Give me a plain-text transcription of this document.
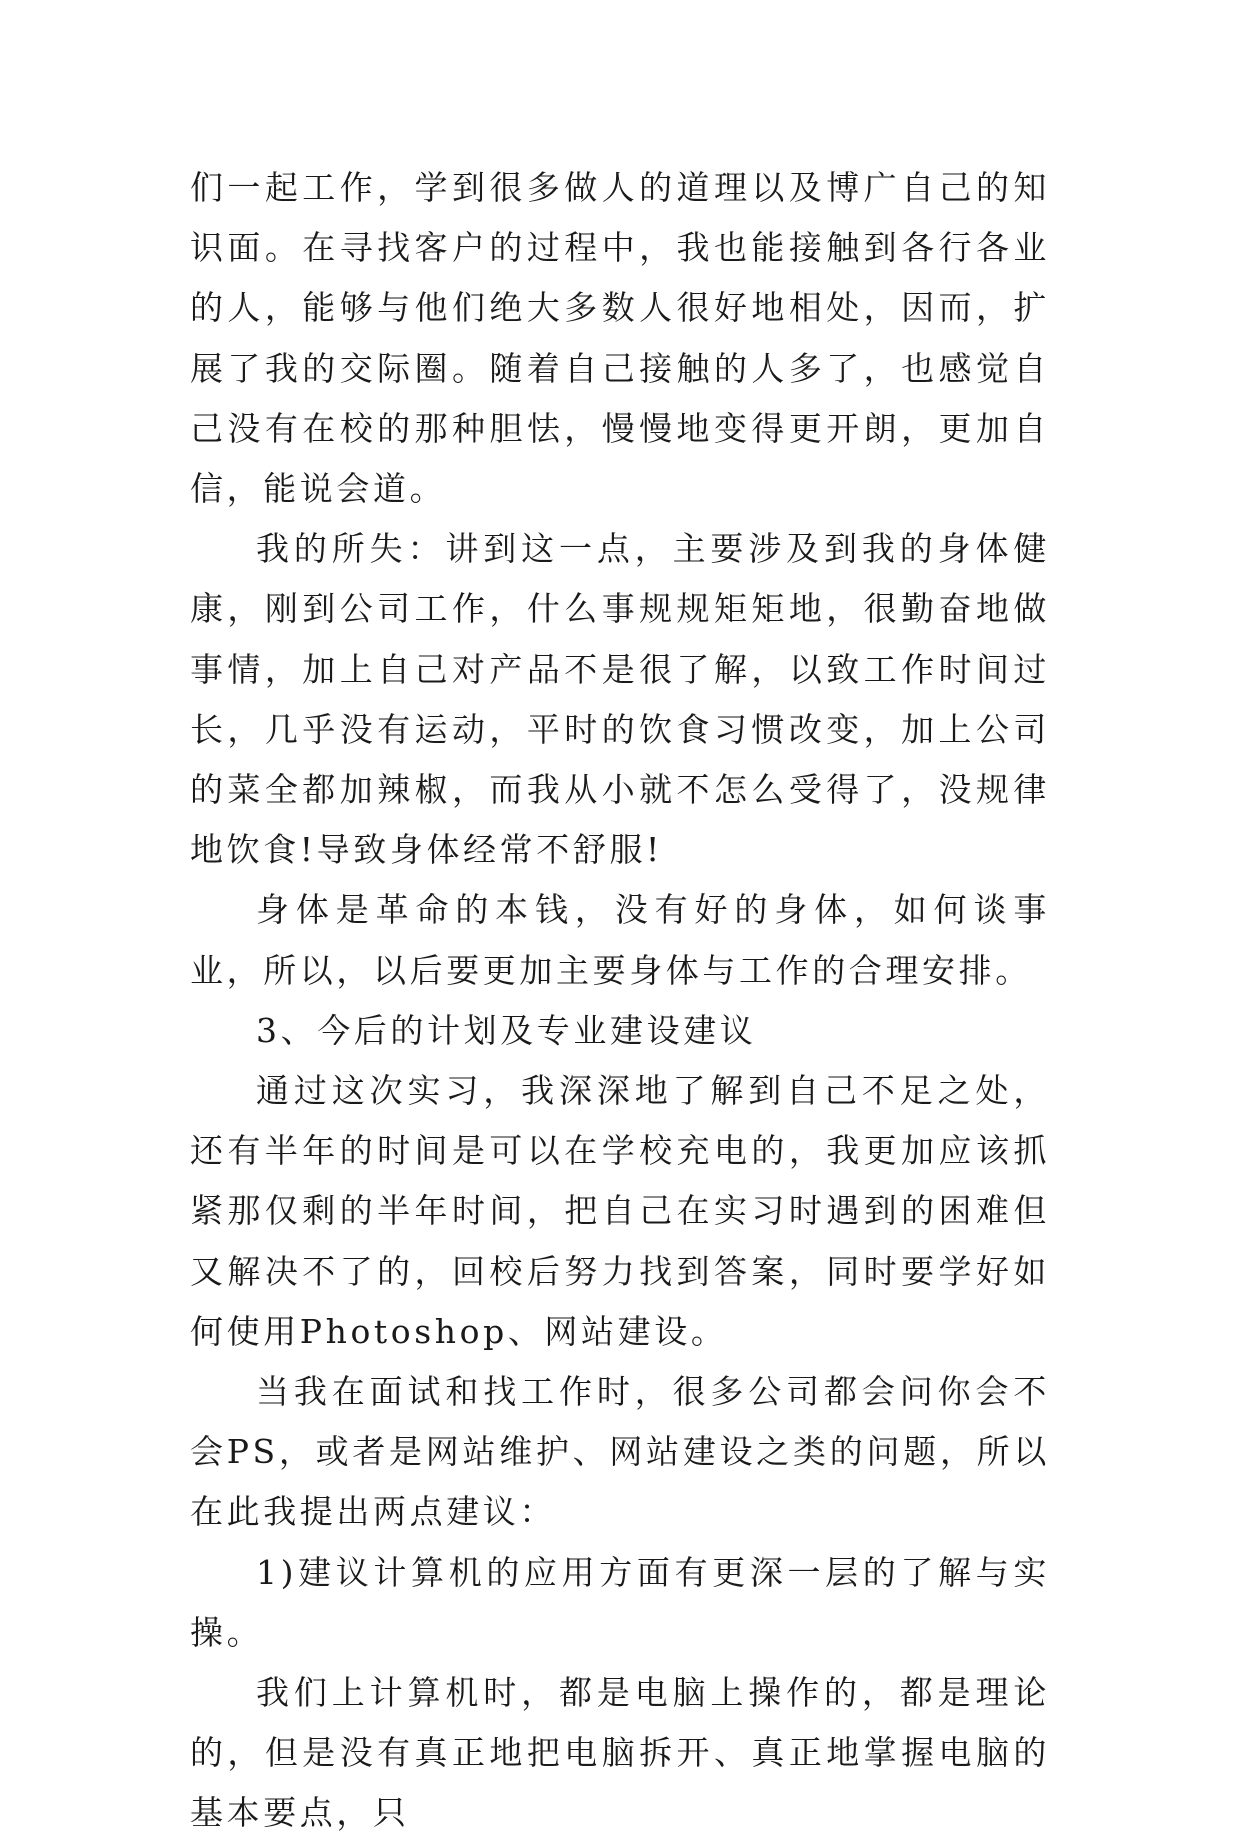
们一起工作，学到很多做人的道理以及博广自己的知识面。在寻找客户的过程中，我也能接触到各行各业的人，能够与他们绝大多数人很好地相处，因而，扩展了我的交际圈。随着自己接触的人多了，也感觉自己没有在校的那种胆怯，慢慢地变得更开朗，更加自信，能说会道。

我的所失：讲到这一点，主要涉及到我的身体健康，刚到公司工作，什么事规规矩矩地，很勤奋地做事情，加上自己对产品不是很了解，以致工作时间过长，几乎没有运动，平时的饮食习惯改变，加上公司的菜全都加辣椒，而我从小就不怎么受得了，没规律地饮食!导致身体经常不舒服!

身体是革命的本钱，没有好的身体，如何谈事业，所以，以后要更加主要身体与工作的合理安排。

3、今后的计划及专业建设建议

通过这次实习，我深深地了解到自己不足之处，还有半年的时间是可以在学校充电的，我更加应该抓紧那仅剩的半年时间，把自己在实习时遇到的困难但又解决不了的，回校后努力找到答案，同时要学好如何使用Photoshop、网站建设。

当我在面试和找工作时，很多公司都会问你会不会PS，或者是网站维护、网站建设之类的问题，所以在此我提出两点建议：

1)建议计算机的应用方面有更深一层的了解与实操。

我们上计算机时，都是电脑上操作的，都是理论的，但是没有真正地把电脑拆开、真正地掌握电脑的基本要点，只
